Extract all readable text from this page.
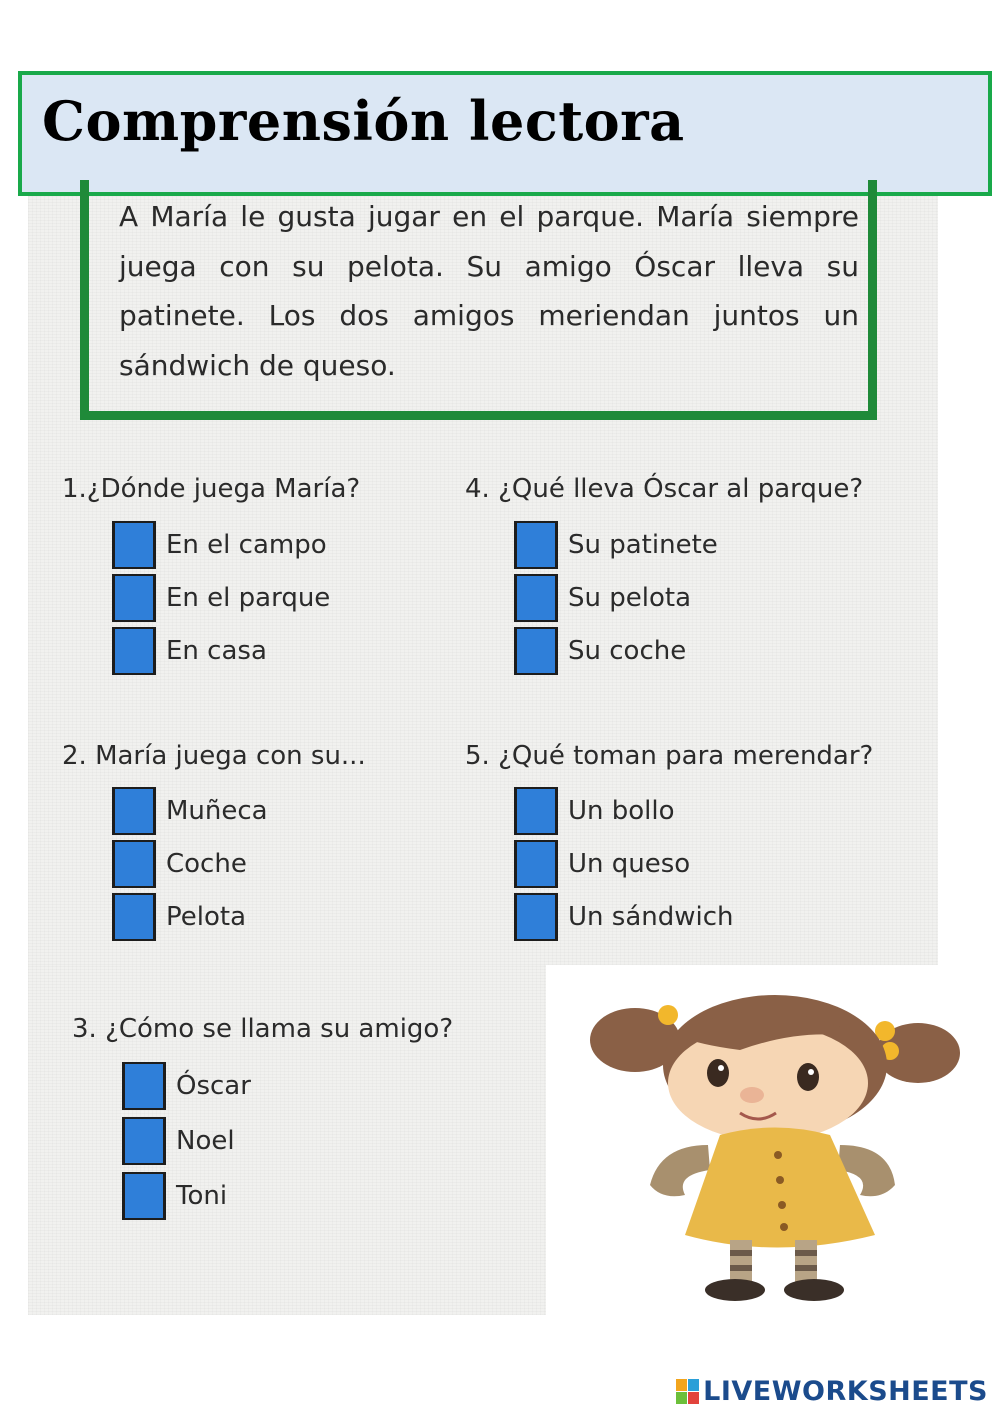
Comprensión lectora
A María le gusta jugar en el parque. María siempre juega con su pelota. Su amigo Óscar lleva su patinete. Los dos amigos meriendan juntos un sándwich de queso.
1.¿Dónde juega María?
En el campo
En el parque
En casa
2. María juega con su...
Muñeca
Coche
Pelota
3. ¿Cómo se llama su amigo?
Óscar
Noel
Toni
4. ¿Qué lleva Óscar al parque?
Su patinete
Su pelota
Su coche
5. ¿Qué toman para merendar?
Un bollo
Un queso
Un sándwich
LIVEWORKSHEETS
